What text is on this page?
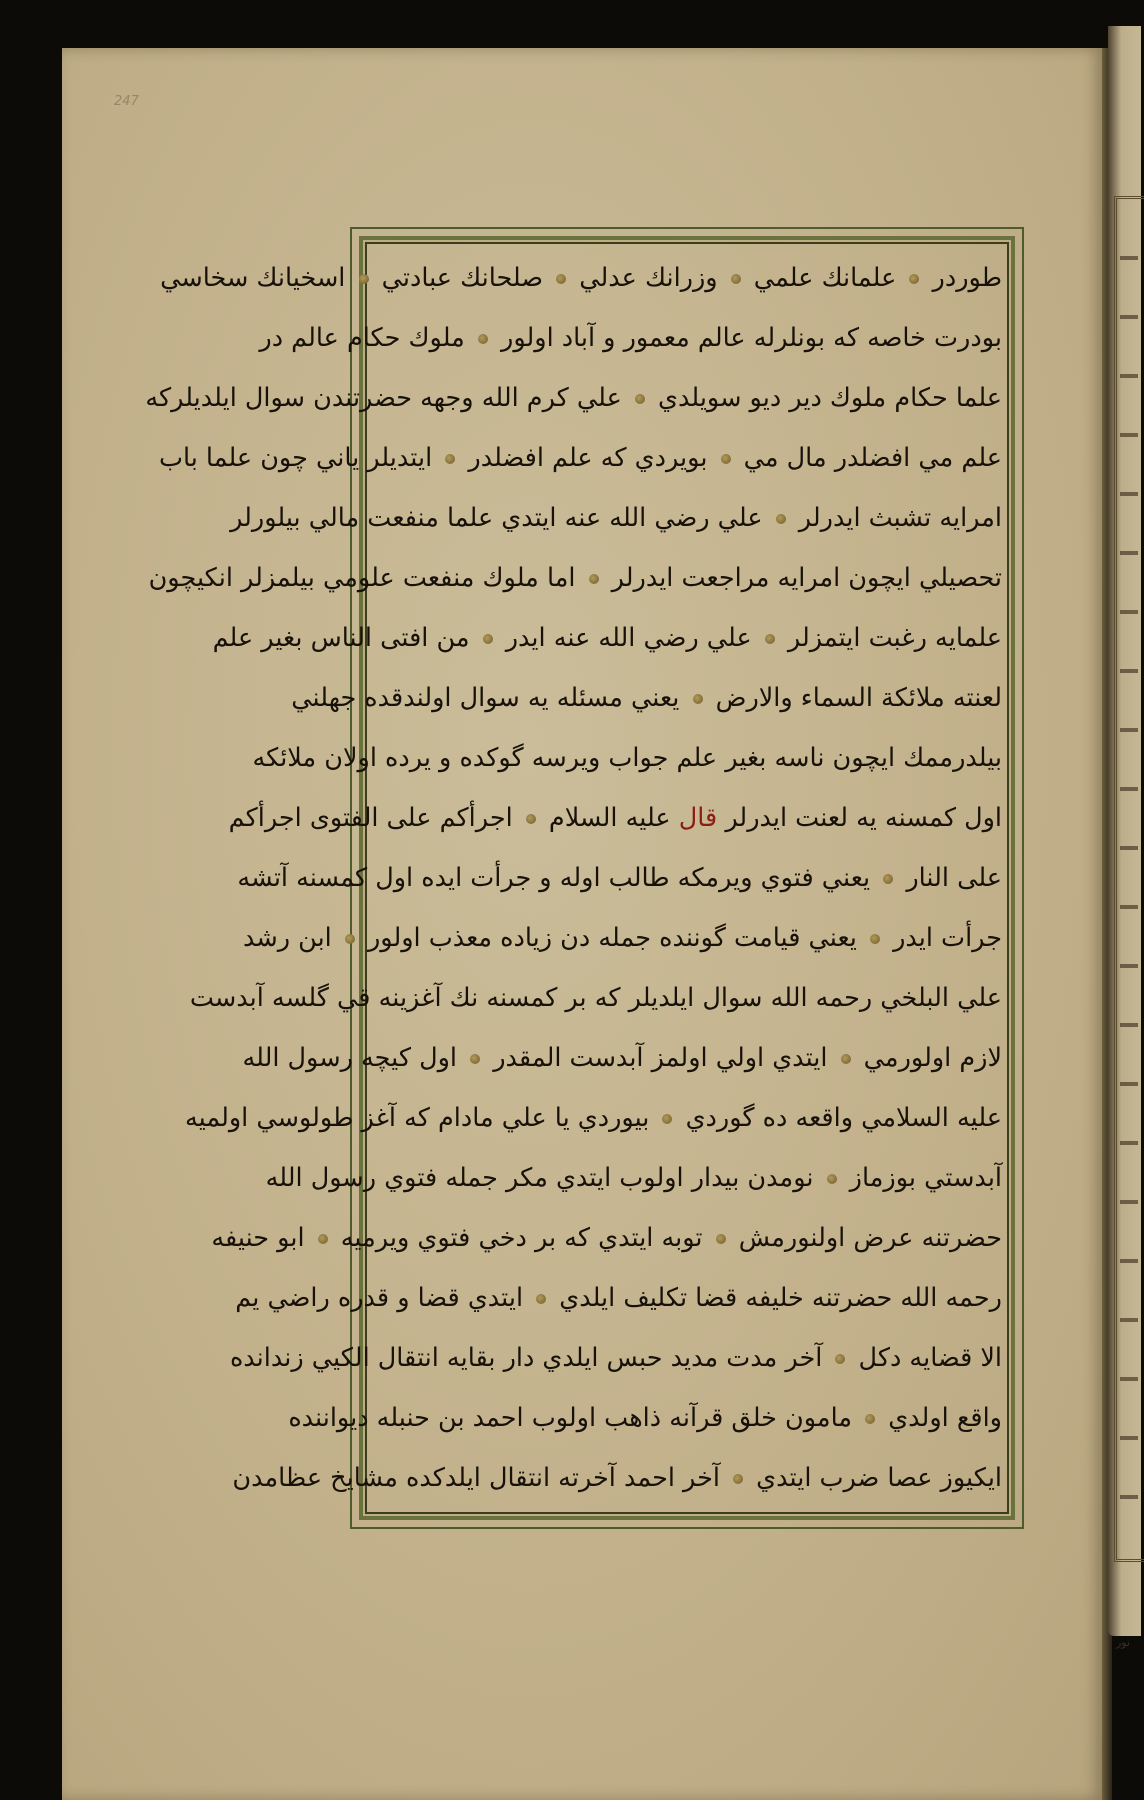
247
طوردر  علمانك علمي  وزرانك عدلي  صلحانك عبادتي  اسخيانك سخاسي
بودرت خاصه كه بونلرله عالم معمور و آباد اولور  ملوك حكام عالم در
علما حكام ملوك دير ديو سويلدي  علي كرم الله وجهه حضرتندن سوال ايلديلركه
علم مي افضلدر مال مي  بويردي كه علم افضلدر  ايتديلر ياني چون علما باب
امرايه تشبث ايدرلر  علي رضي الله عنه ايتدي علما منفعت مالي بيلورلر
تحصيلي ايچون امرايه مراجعت ايدرلر  اما ملوك منفعت علومي بيلمزلر انكيچون
علمايه رغبت ايتمزلر  علي رضي الله عنه ايدر  من افتى الناس بغير علم
لعنته ملائكة السماء والارض  يعني مسئله يه سوال اولندقده جهلني
بيلدرممك ايچون ناسه بغير علم جواب ويرسه گوكده و يرده اولان ملائكه
اول كمسنه يه لعنت ايدرلر قال عليه السلام  اجرأكم على الفتوى اجرأكم
على النار  يعني فتوي ويرمكه طالب اوله و جرأت ايده اول كمسنه آتشه
جرأت ايدر  يعني قيامت گوننده جمله دن زياده معذب اولور  ابن رشد
علي البلخي رحمه الله سوال ايلديلر كه بر كمسنه نك آغزينه قي گلسه آبدست
لازم اولورمي  ايتدي اولي اولمز آبدست المقدر  اول كيچه رسول الله
عليه السلامي واقعه ده گوردي  بيوردي يا علي مادام كه آغز طولوسي اولميه
آبدستي بوزماز  نومدن بيدار اولوب ايتدي مكر جمله فتوي رسول الله
حضرتنه عرض اولنورمش  توبه ايتدي كه بر دخي فتوي ويرميه  ابو حنيفه
رحمه الله حضرتنه خليفه قضا تكليف ايلدي  ايتدي قضا و قدره راضي يم
الا قضايه دكل  آخر مدت مديد حبس ايلدي دار بقايه انتقال الكيي زندانده
واقع اولدي  مامون خلق قرآنه ذاهب اولوب احمد بن حنبله ديواننده
ايكيوز عصا ضرب ايتدي  آخر احمد آخرته انتقال ايلدكده مشايخ عظامدن
نور
